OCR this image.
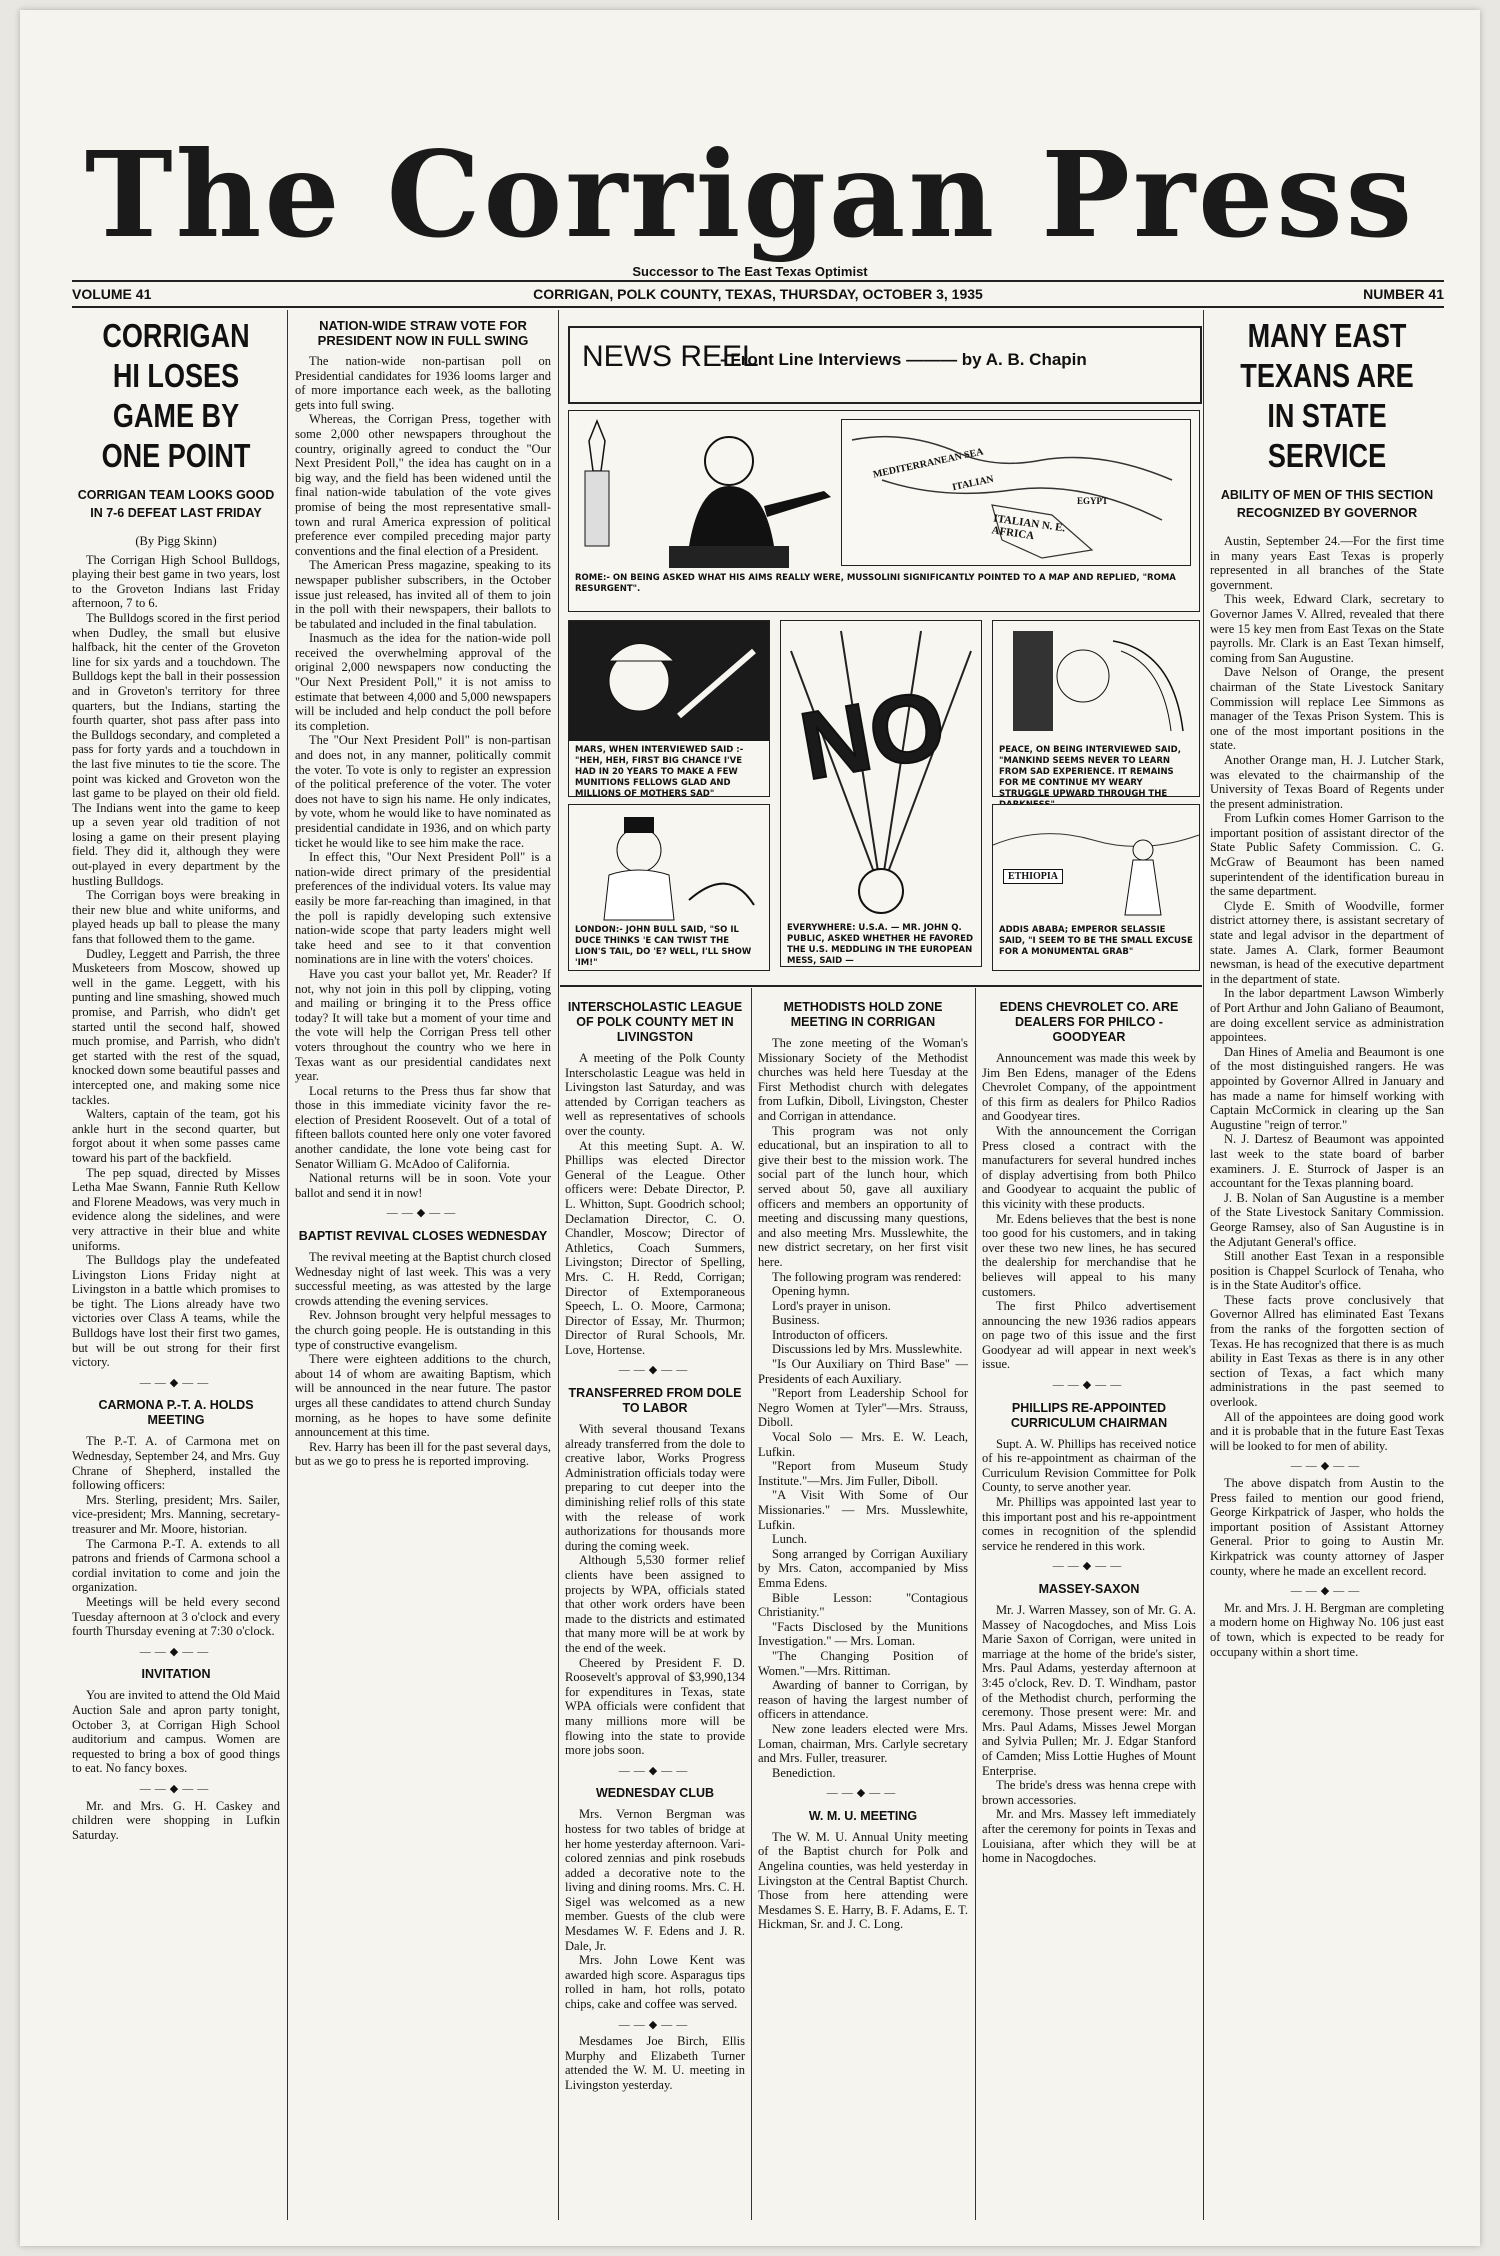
The Corrigan Press
Successor to The East Texas Optimist
VOLUME 41	CORRIGAN, POLK COUNTY, TEXAS, THURSDAY, OCTOBER 3, 1935	NUMBER 41
CORRIGAN HI LOSES GAME BY ONE POINT
CORRIGAN TEAM LOOKS GOOD IN 7-6 DEFEAT LAST FRIDAY
(By Pigg Skinn)

The Corrigan High School Bulldogs, playing their best game in two years, lost to the Groveton Indians last Friday afternoon, 7 to 6.

The Bulldogs scored in the first period when Dudley, the small but elusive halfback, hit the center of the Groveton line for six yards and a touchdown. The Bulldogs kept the ball in their possession and in Groveton's territory for three quarters, but the Indians, starting the fourth quarter, shot pass after pass into the Bulldogs secondary, and completed a pass for forty yards and a touchdown in the last five minutes to tie the score. The point was kicked and Groveton won the last game to be played on their old field. The Indians went into the game to keep up a seven year old tradition of not losing a game on their present playing field. They did it, although they were out-played in every department by the hustling Bulldogs.

The Corrigan boys were breaking in their new blue and white uniforms, and played heads up ball to please the many fans that followed them to the game.

Dudley, Leggett and Parrish, the three Musketeers from Moscow, showed up well in the game. Leggett, with his punting and line smashing, showed much promise, and Parrish, who didn't get started until the second half, showed much promise, and Parrish, who didn't get started with the rest of the squad, knocked down some beautiful passes and intercepted one, and making some nice tackles.

Walters, captain of the team, got his ankle hurt in the second quarter, but forgot about it when some passes came toward his part of the backfield.

The pep squad, directed by Misses Letha Mae Swann, Fannie Ruth Kellow and Florene Meadows, was very much in evidence along the sidelines, and were very attractive in their blue and white uniforms.

The Bulldogs play the undefeated Livingston Lions Friday night at Livingston in a battle which promises to be tight. The Lions already have two victories over Class A teams, while the Bulldogs have lost their first two games, but will be out strong for their first victory.

——◆——
CARMONA P.-T. A. HOLDS MEETING

The P.-T. A. of Carmona met on Wednesday, September 24, and Mrs. Guy Chrane of Shepherd, installed the following officers:

Mrs. Sterling, president; Mrs. Sailer, vice-president; Mrs. Manning, secretary-treasurer and Mr. Moore, historian.

The Carmona P.-T. A. extends to all patrons and friends of Carmona school a cordial invitation to come and join the organization.

Meetings will be held every second Tuesday afternoon at 3 o'clock and every fourth Thursday evening at 7:30 o'clock.

——◆——
INVITATION

You are invited to attend the Old Maid Auction Sale and apron party tonight, October 3, at Corrigan High School auditorium and campus. Women are requested to bring a box of good things to eat. No fancy boxes.

——◆——

Mr. and Mrs. G. H. Caskey and children were shopping in Lufkin Saturday.

NATION-WIDE STRAW VOTE FOR PRESIDENT NOW IN FULL SWING

The nation-wide non-partisan poll on Presidential candidates for 1936 looms larger and of more importance each week, as the balloting gets into full swing.

Whereas, the Corrigan Press, together with some 2,000 other newspapers throughout the country, originally agreed to conduct the "Our Next President Poll," the idea has caught on in a big way, and the field has been widened until the final nation-wide tabulation of the vote gives promise of being the most representative small-town and rural America expression of political preference ever compiled preceding major party conventions and the final election of a President.

The American Press magazine, speaking to its newspaper publisher subscribers, in the October issue just released, has invited all of them to join in the poll with their newspapers, their ballots to be tabulated and included in the final tabulation.

Inasmuch as the idea for the nation-wide poll received the overwhelming approval of the original 2,000 newspapers now conducting the "Our Next President Poll," it is not amiss to estimate that between 4,000 and 5,000 newspapers will be included and help conduct the poll before its completion.

The "Our Next President Poll" is non-partisan and does not, in any manner, politically commit the voter. To vote is only to register an expression of the political preference of the voter. The voter does not have to sign his name. He only indicates, by vote, whom he would like to have nominated as presidential candidate in 1936, and on which party ticket he would like to see him make the race.

In effect this, "Our Next President Poll" is a nation-wide direct primary of the presidential preferences of the individual voters. Its value may easily be more far-reaching than imagined, in that the poll is rapidly developing such extensive nation-wide scope that party leaders might well take heed and see to it that convention nominations are in line with the voters' choices.

Have you cast your ballot yet, Mr. Reader? If not, why not join in this poll by clipping, voting and mailing or bringing it to the Press office today? It will take but a moment of your time and the vote will help the Corrigan Press tell other voters throughout the country who we here in Texas want as our presidential candidates next year.

Local returns to the Press thus far show that those in this immediate vicinity favor the re-election of President Roosevelt. Out of a total of fifteen ballots counted here only one voter favored another candidate, the lone vote being cast for Senator William G. McAdoo of California.

National returns will be in soon. Vote your ballot and send it in now!

——◆——
BAPTIST REVIVAL CLOSES WEDNESDAY

The revival meeting at the Baptist church closed Wednesday night of last week. This was a very successful meeting, as was attested by the large crowds attending the evening services.

Rev. Johnson brought very helpful messages to the church going people. He is outstanding in this type of constructive evangelism.

There were eighteen additions to the church, about 14 of whom are awaiting Baptism, which will be announced in the near future. The pastor urges all these candidates to attend church Sunday morning, as he hopes to have some definite announcement at this time.

Rev. Harry has been ill for the past several days, but as we go to press he is reported improving.

NEWS REEL
- Front Line Interviews ——— by A. B. Chapin
MEDITERRANEAN SEA
ITALIAN
EGYPT
ITALIAN N. E. AFRICA
ROME:- ON BEING ASKED WHAT HIS AIMS REALLY WERE, MUSSOLINI SIGNIFICANTLY POINTED TO A MAP AND REPLIED, "ROMA RESURGENT".
MARS, WHEN INTERVIEWED SAID :- "HEH, HEH, FIRST BIG CHANCE I'VE HAD IN 20 YEARS TO MAKE A FEW MUNITIONS FELLOWS GLAD AND MILLIONS OF MOTHERS SAD" NO
EVERYWHERE: U.S.A. — MR. JOHN Q. PUBLIC, ASKED WHETHER HE FAVORED THE U.S. MEDDLING IN THE EUROPEAN MESS, SAID —
PEACE, ON BEING INTERVIEWED SAID, "MANKIND SEEMS NEVER TO LEARN FROM SAD EXPERIENCE. IT REMAINS FOR ME CONTINUE MY WEARY STRUGGLE UPWARD THROUGH THE
LONDON:- JOHN BULL SAID, "SO IL DUCE THINKS 'E CAN TWIST THE LION'S TAIL, DO 'E? WELL, I'LL SHOW 'IM!"
ETHIOPIA
ADDIS ABABA; EMPEROR SELASSIE SAID, "I SEEM TO BE THE SMALL EXCUSE FOR A MONUMENTAL GRAB"
INTERSCHOLASTIC LEAGUE OF POLK COUNTY MET IN LIVINGSTON

A meeting of the Polk County Interscholastic League was held in Livingston last Saturday, and was attended by Corrigan teachers as well as representatives of schools over the county.

At this meeting Supt. A. W. Phillips was elected Director General of the League. Other officers were: Debate Director, P. L. Whitton, Supt. Goodrich school; Declamation Director, C. O. Chandler, Moscow; Director of Athletics, Coach Summers, Livingston; Director of Spelling, Mrs. C. H. Redd, Corrigan; Director of Extemporaneous Speech, L. O. Moore, Carmona; Director of Essay, Mr. Thurmon; Director of Rural Schools, Mr. Love, Hortense.

——◆——
TRANSFERRED FROM DOLE TO LABOR

With several thousand Texans already transferred from the dole to creative labor, Works Progress Administration officials today were preparing to cut deeper into the diminishing relief rolls of this state with the release of work authorizations for thousands more during the coming week.

Although 5,530 former relief clients have been assigned to projects by WPA, officials stated that other work orders have been made to the districts and estimated that many more will be at work by the end of the week.

Cheered by President F. D. Roosevelt's approval of $3,990,134 for expenditures in Texas, state WPA officials were confident that many millions more will be flowing into the state to provide more jobs soon.

——◆——
WEDNESDAY CLUB

Mrs. Vernon Bergman was hostess for two tables of bridge at her home yesterday afternoon. Vari-colored zennias and pink rosebuds added a decorative note to the living and dining rooms. Mrs. C. H. Sigel was welcomed as a new member. Guests of the club were Mesdames W. F. Edens and J. R. Dale, Jr.

Mrs. John Lowe Kent was awarded high score. Asparagus tips rolled in ham, hot rolls, potato chips, cake and coffee was served.

——◆——

Mesdames Joe Birch, Ellis Murphy and Elizabeth Turner attended the W. M. U. meeting in Livingston yesterday.

METHODISTS HOLD ZONE MEETING IN CORRIGAN

The zone meeting of the Woman's Missionary Society of the Methodist churches was held here Tuesday at the First Methodist church with delegates from Lufkin, Diboll, Livingston, Chester and Corrigan in attendance.

This program was not only educational, but an inspiration to all to give their best to the mission work. The social part of the lunch hour, which served about 50, gave all auxiliary officers and members an opportunity of meeting and discussing many questions, and also meeting Mrs. Musslewhite, the new district secretary, on her first visit here.

The following program was rendered:

Opening hymn.

Lord's prayer in unison.

Business.

Introducton of officers.

Discussions led by Mrs. Musslewhite.

"Is Our Auxiliary on Third Base" — Presidents of each Auxiliary.

"Report from Leadership School for Negro Women at Tyler"—Mrs. Strauss, Diboll.

Vocal Solo — Mrs. E. W. Leach, Lufkin.

"Report from Museum Study Institute."—Mrs. Jim Fuller, Diboll.

"A Visit With Some of Our Missionaries." — Mrs. Musslewhite, Lufkin.

Lunch.

Song arranged by Corrigan Auxiliary by Mrs. Caton, accompanied by Miss Emma Edens.

Bible Lesson: "Contagious Christianity."

"Facts Disclosed by the Munitions Investigation." — Mrs. Loman.

"The Changing Position of Women."—Mrs. Rittiman.

Awarding of banner to Corrigan, by reason of having the largest number of officers in attendance.

New zone leaders elected were Mrs. Loman, chairman, Mrs. Carlyle secretary and Mrs. Fuller, treasurer.

Benediction.

——◆——
W. M. U. MEETING

The W. M. U. Annual Unity meeting of the Baptist church for Polk and Angelina counties, was held yesterday in Livingston at the Central Baptist Church. Those from here attending were Mesdames S. E. Harry, B. F. Adams, E. T. Hickman, Sr. and J. C. Long.

EDENS CHEVROLET CO. ARE DEALERS FOR PHILCO - GOODYEAR

Announcement was made this week by Jim Ben Edens, manager of the Edens Chevrolet Company, of the appointment of this firm as dealers for Philco Radios and Goodyear tires.

With the announcement the Corrigan Press closed a contract with the manufacturers for several hundred inches of display advertising from both Philco and Goodyear to acquaint the public of this vicinity with these products.

Mr. Edens believes that the best is none too good for his customers, and in taking over these two new lines, he has secured the dealership for merchandise that he believes will appeal to his many customers.

The first Philco advertisement announcing the new 1936 radios appears on page two of this issue and the first Goodyear ad will appear in next week's issue.

——◆——
PHILLIPS RE-APPOINTED CURRICULUM CHAIRMAN

Supt. A. W. Phillips has received notice of his re-appointment as chairman of the Curriculum Revision Committee for Polk County, to serve another year.

Mr. Phillips was appointed last year to this important post and his re-appointment comes in recognition of the splendid service he rendered in this work.

——◆——
MASSEY-SAXON

Mr. J. Warren Massey, son of Mr. G. A. Massey of Nacogdoches, and Miss Lois Marie Saxon of Corrigan, were united in marriage at the home of the bride's sister, Mrs. Paul Adams, yesterday afternoon at 3:45 o'clock, Rev. D. T. Windham, pastor of the Methodist church, performing the ceremony. Those present were: Mr. and Mrs. Paul Adams, Misses Jewel Morgan and Sylvia Pullen; Mr. J. Edgar Stanford of Camden; Miss Lottie Hughes of Mount Enterprise.

The bride's dress was henna crepe with brown accessories.

Mr. and Mrs. Massey left immediately after the ceremony for points in Texas and Louisiana, after which they will be at home in Nacogdoches.

MANY EAST TEXANS ARE IN STATE SERVICE
ABILITY OF MEN OF THIS SECTION RECOGNIZED BY GOVERNOR

Austin, September 24.—For the first time in many years East Texas is properly represented in all branches of the State government.

This week, Edward Clark, secretary to Governor James V. Allred, revealed that there were 15 key men from East Texas on the State payrolls. Mr. Clark is an East Texan himself, coming from San Augustine.

Dave Nelson of Orange, the present chairman of the State Livestock Sanitary Commission will replace Lee Simmons as manager of the Texas Prison System. This is one of the most important positions in the state.

Another Orange man, H. J. Lutcher Stark, was elevated to the chairmanship of the University of Texas Board of Regents under the present administration.

From Lufkin comes Homer Garrison to the important position of assistant director of the State Public Safety Commission. C. G. McGraw of Beaumont has been named superintendent of the identification bureau in the same department.

Clyde E. Smith of Woodville, former district attorney there, is assistant secretary of state and legal advisor in the department of state. James A. Clark, former Beaumont newsman, is head of the executive department in the department of state.

In the labor department Lawson Wimberly of Port Arthur and John Galiano of Beaumont, are doing excellent service as administration appointees.

Dan Hines of Amelia and Beaumont is one of the most distinguished rangers. He was appointed by Governor Allred in January and has made a name for himself working with Captain McCormick in clearing up the San Augustine "reign of terror."

N. J. Dartesz of Beaumont was appointed last week to the state board of barber examiners. J. E. Sturrock of Jasper is an accountant for the Texas planning board.

J. B. Nolan of San Augustine is a member of the State Livestock Sanitary Commission. George Ramsey, also of San Augustine is in the Adjutant General's office.

Still another East Texan in a responsible position is Chappel Scurlock of Tenaha, who is in the State Auditor's office.

These facts prove conclusively that Governor Allred has eliminated East Texans from the ranks of the forgotten section of Texas. He has recognized that there is as much ability in East Texas as there is in any other section of Texas, a fact which many administrations in the past seemed to overlook.

All of the appointees are doing good work and it is probable that in the future East Texas will be looked to for men of ability.

——◆——

The above dispatch from Austin to the Press failed to mention our good friend, George Kirkpatrick of Jasper, who holds the important position of Assistant Attorney General. Prior to going to Austin Mr. Kirkpatrick was county attorney of Jasper county, where he made an excellent record.

——◆——

Mr. and Mrs. J. H. Bergman are completing a modern home on Highway No. 106 just east of town, which is expected to be ready for occupany within a short time.
